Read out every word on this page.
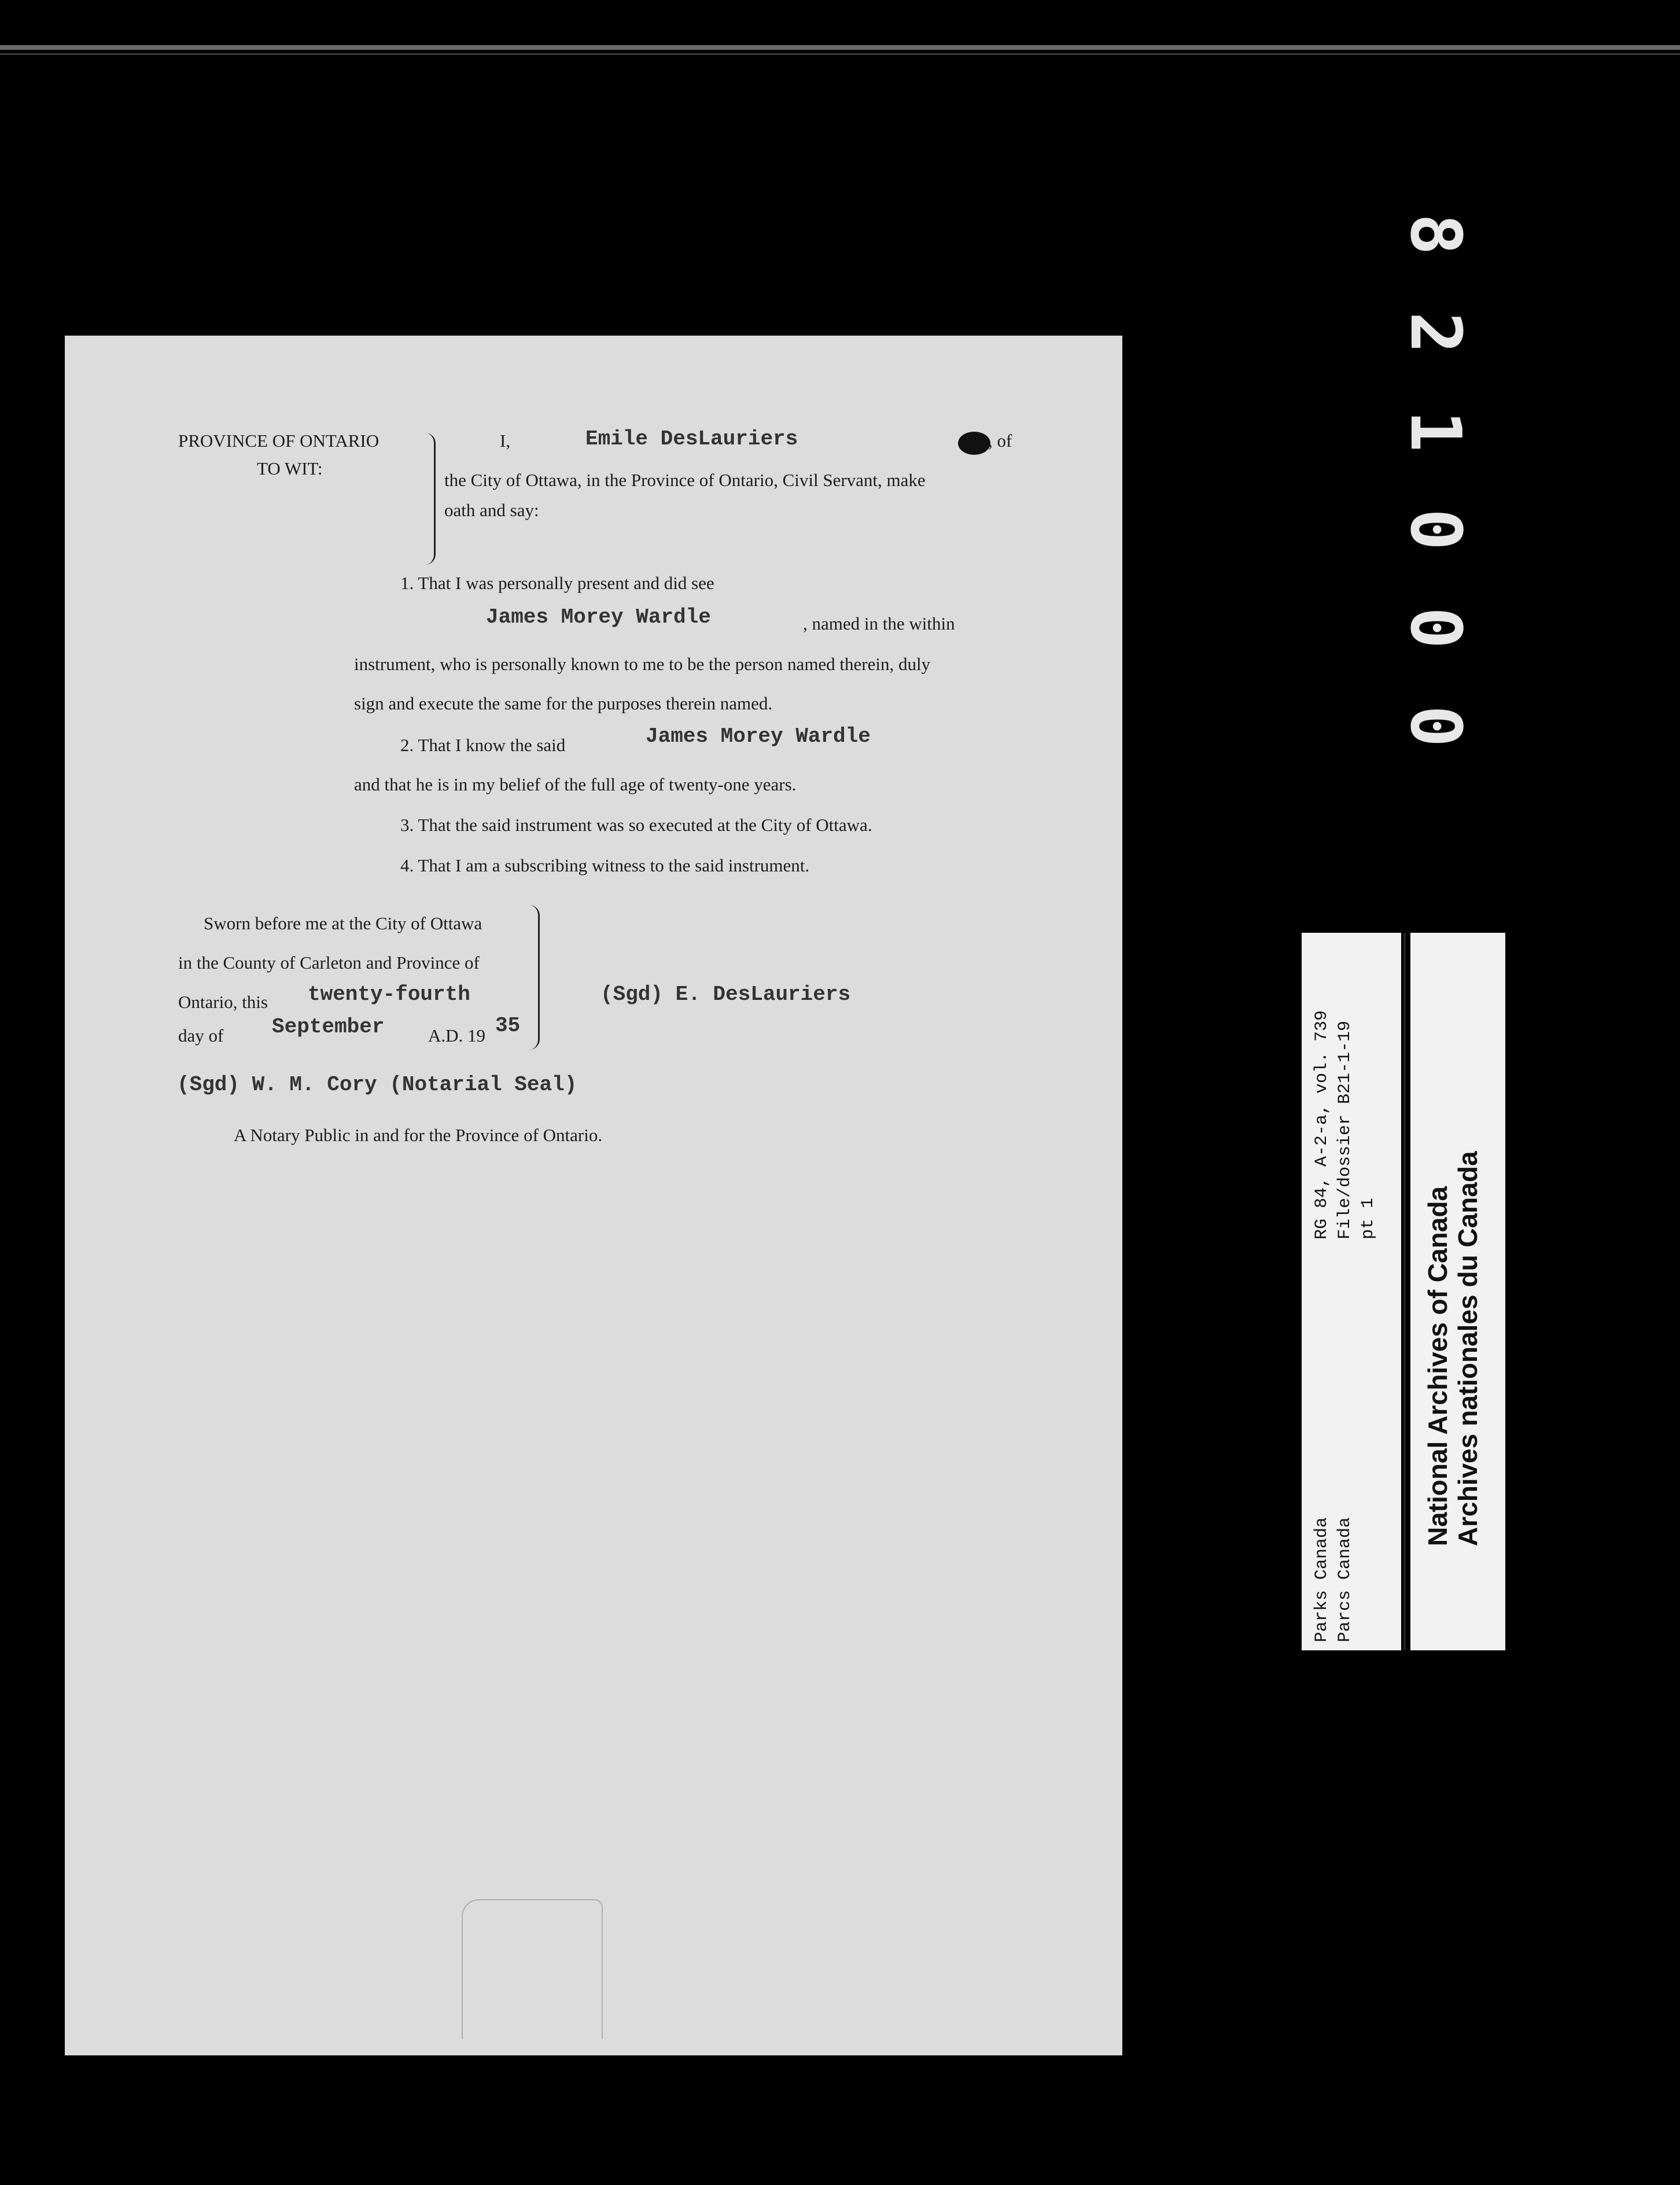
8
2
1
0
0
0
PROVINCE OF ONTARIO
TO WIT:
I,	Emile DesLauriers	, of
the City of Ottawa, in the Province of Ontario, Civil Servant, make
oath and say:
1. That I was personally present and did see
James Morey Wardle	, named in the within
instrument, who is personally known to me to be the person named therein, duly
sign and execute the same for the purposes therein named.
2. That I know the said	James Morey Wardle
and that he is in my belief of the full age of twenty-one years.
3. That the said instrument was so executed at the City of Ottawa.
4. That I am a subscribing witness to the said instrument.
Sworn before me at the City of Ottawa
in the County of Carleton and Province of
Ontario, this twenty-fourth
day of September A.D. 19 35
(Sgd) E. DesLauriers
(Sgd) W. M. Cory (Notarial Seal)
A Notary Public in and for the Province of Ontario.
Parks Canada Parcs Canada
RG 84, A-2-a, vol. 739 File/dossier B21-1-19 pt 1 National Archives of Canada Archives nationales du Canada
